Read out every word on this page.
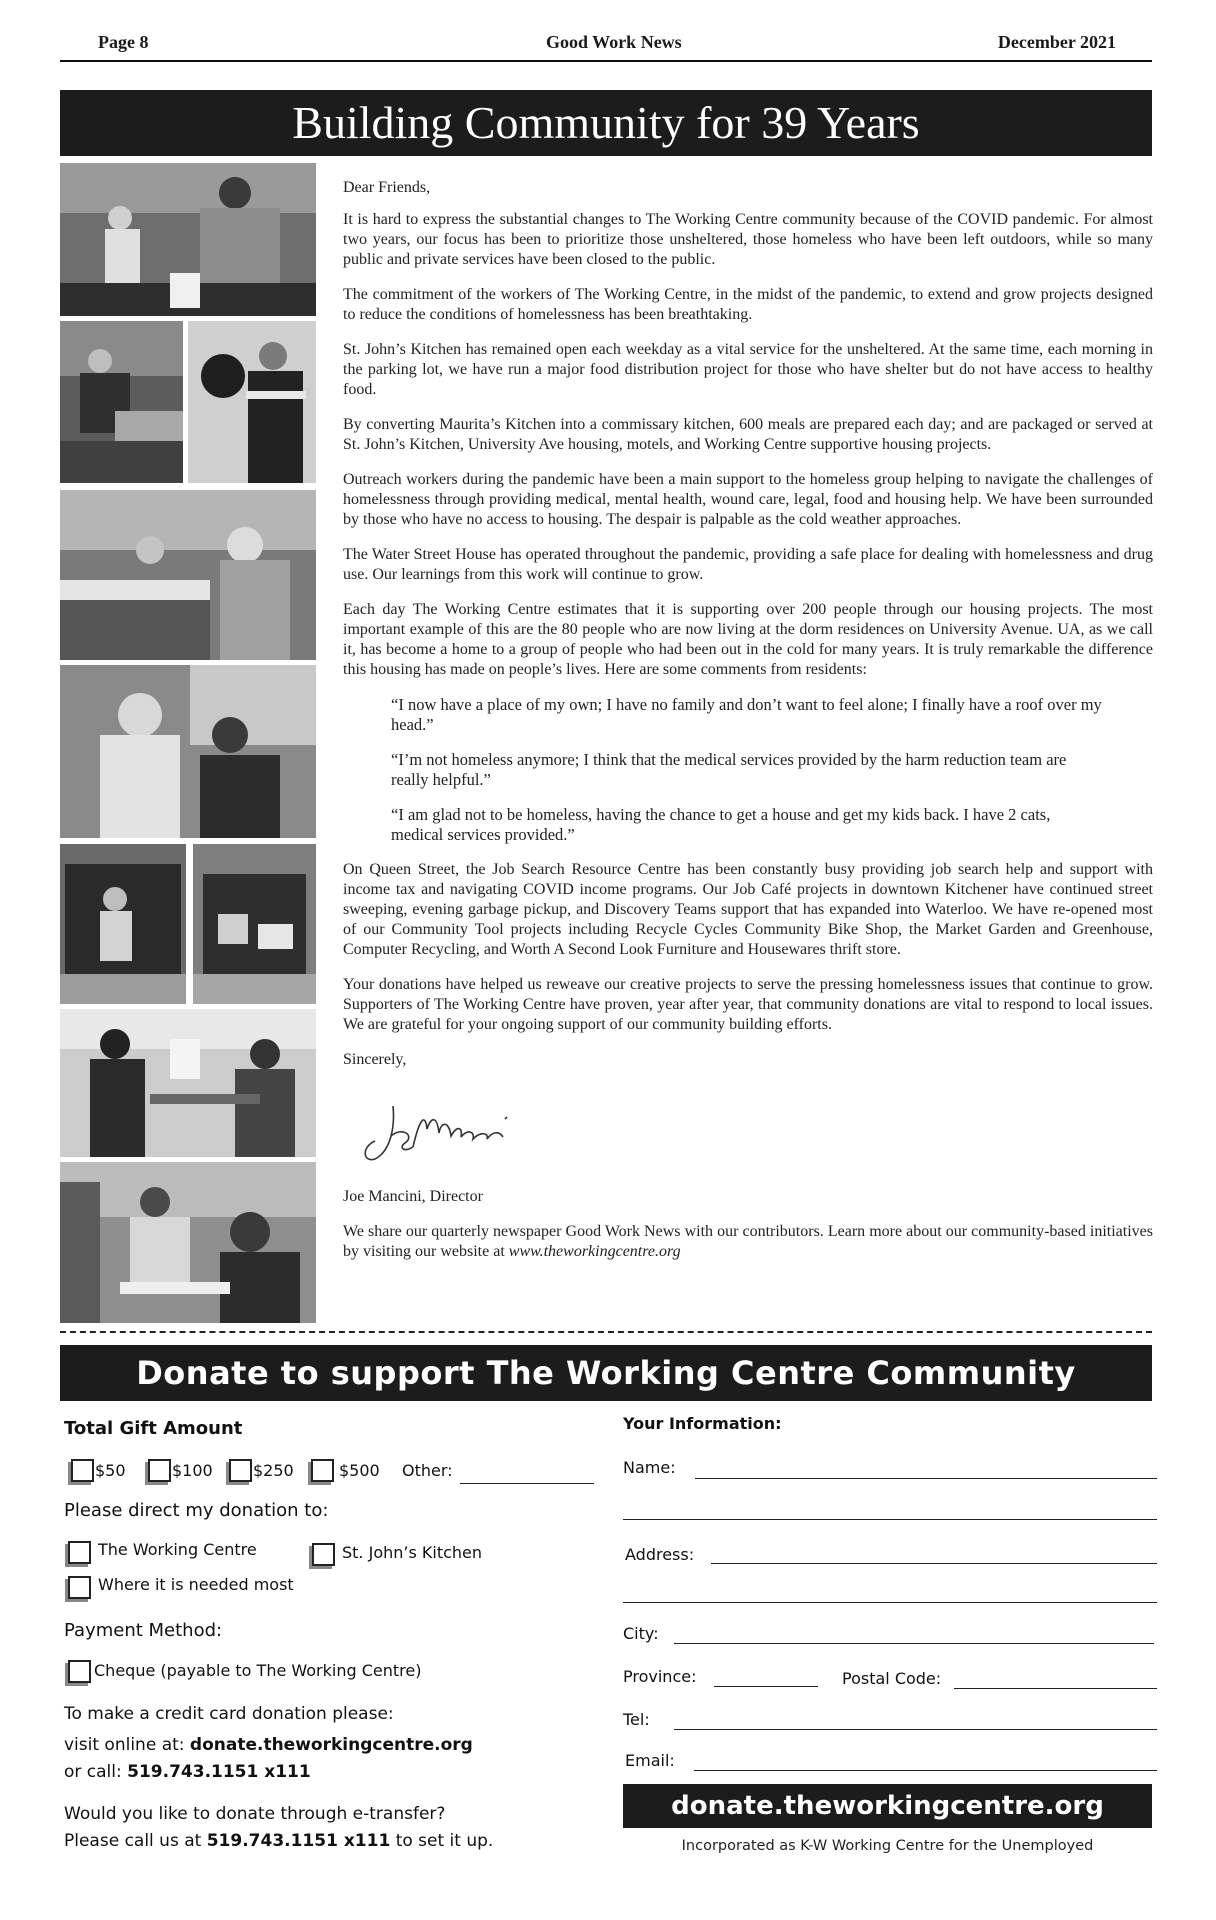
Page 8	Good Work News	December 2021
Building Community for 39 Years

Dear Friends,

It is hard to express the substantial changes to The Working Centre community because of the COVID pandemic. For almost two years, our focus has been to prioritize those unsheltered, those homeless who have been left outdoors, while so many public and private services have been closed to the public.

The commitment of the workers of The Working Centre, in the midst of the pandemic, to extend and grow projects designed to reduce the conditions of homelessness has been breathtaking.

St. John’s Kitchen has remained open each weekday as a vital service for the unsheltered. At the same time, each morning in the parking lot, we have run a major food distribution project for those who have shelter but do not have access to healthy food.

By converting Maurita’s Kitchen into a commissary kitchen, 600 meals are prepared each day; and are packaged or served at St. John’s Kitchen, University Ave housing, motels, and Working Centre supportive housing projects.

Outreach workers during the pandemic have been a main support to the homeless group helping to navigate the challenges of homelessness through providing medical, mental health, wound care, legal, food and housing help. We have been surrounded by those who have no access to housing. The despair is palpable as the cold weather approaches.

The Water Street House has operated throughout the pandemic, providing a safe place for dealing with homelessness and drug use. Our learnings from this work will continue to grow.

Each day The Working Centre estimates that it is supporting over 200 people through our housing projects. The most important example of this are the 80 people who are now living at the dorm residences on University Avenue. UA, as we call it, has become a home to a group of people who had been out in the cold for many years. It is truly remarkable the difference this housing has made on people’s lives. Here are some comments from residents:

“I now have a place of my own; I have no family and don’t want to feel alone; I finally have a roof over my head.”

“I’m not homeless anymore; I think that the medical services provided by the harm reduction team are really helpful.”

“I am glad not to be homeless, having the chance to get a house and get my kids back. I have 2 cats, medical services provided.”

On Queen Street, the Job Search Resource Centre has been constantly busy providing job search help and support with income tax and navigating COVID income programs. Our Job Café projects in downtown Kitchener have continued street sweeping, evening garbage pickup, and Discovery Teams support that has expanded into Waterloo. We have re-opened most of our Community Tool projects including Recycle Cycles Community Bike Shop, the Market Garden and Greenhouse, Computer Recycling, and Worth A Second Look Furniture and Housewares thrift store.

Your donations have helped us reweave our creative projects to serve the pressing homelessness issues that continue to grow. Supporters of The Working Centre have proven, year after year, that community donations are vital to respond to local issues. We are grateful for your ongoing support of our community building efforts.

Sincerely,

Joe Mancini, Director

We share our quarterly newspaper Good Work News with our contributors. Learn more about our community-based initiatives by visiting our website at www.theworkingcentre.org

Donate to support The Working Centre Community
Total Gift Amount
$50	$100	$250	$500 Other:
Please direct my donation to:
The Working Centre	St. John’s Kitchen
Where it is needed most
Payment Method:
Cheque (payable to The Working Centre)
To make a credit card donation please:
visit online at: donate.theworkingcentre.org
or call: 519.743.1151 x111
Would you like to donate through e-transfer?
Please call us at 519.743.1151 x111 to set it up.
Your Information:
Name:
Address:
City:
Province:	Postal Code:
Tel:
Email:
donate.theworkingcentre.org
Incorporated as K-W Working Centre for the Unemployed
